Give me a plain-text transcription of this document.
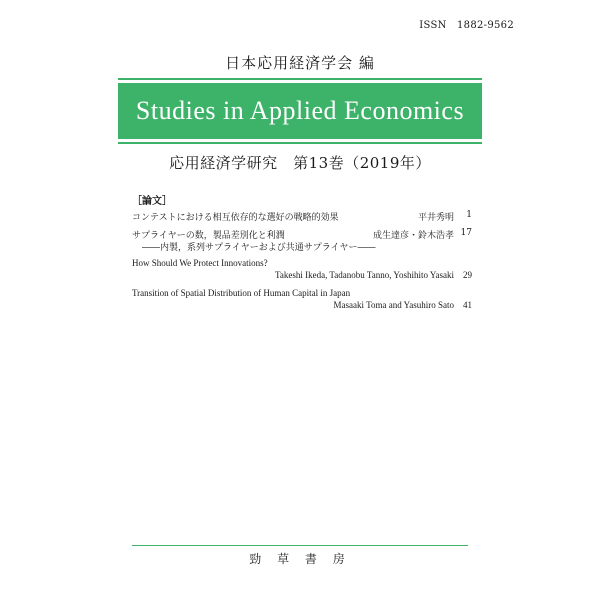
ISSN　1882-9562
日本応用経済学会 編
Studies in Applied Economics
応用経済学研究　第13巻（2019年）
［論文］
コンテストにおける相互依存的な選好の戦略的効果	平井秀明 1
サプライヤーの数，製品差別化と利潤	成生達彦・鈴木浩孝 17
――内製，系列サプライヤーおよび共通サプライヤー――
How Should We Protect Innovations?
Takeshi Ikeda, Tadanobu Tanno, Yoshihito Yasaki 29
Transition of Spatial Distribution of Human Capital in Japan
Masaaki Toma and Yasuhiro Sato 41
勁 草 書 房
